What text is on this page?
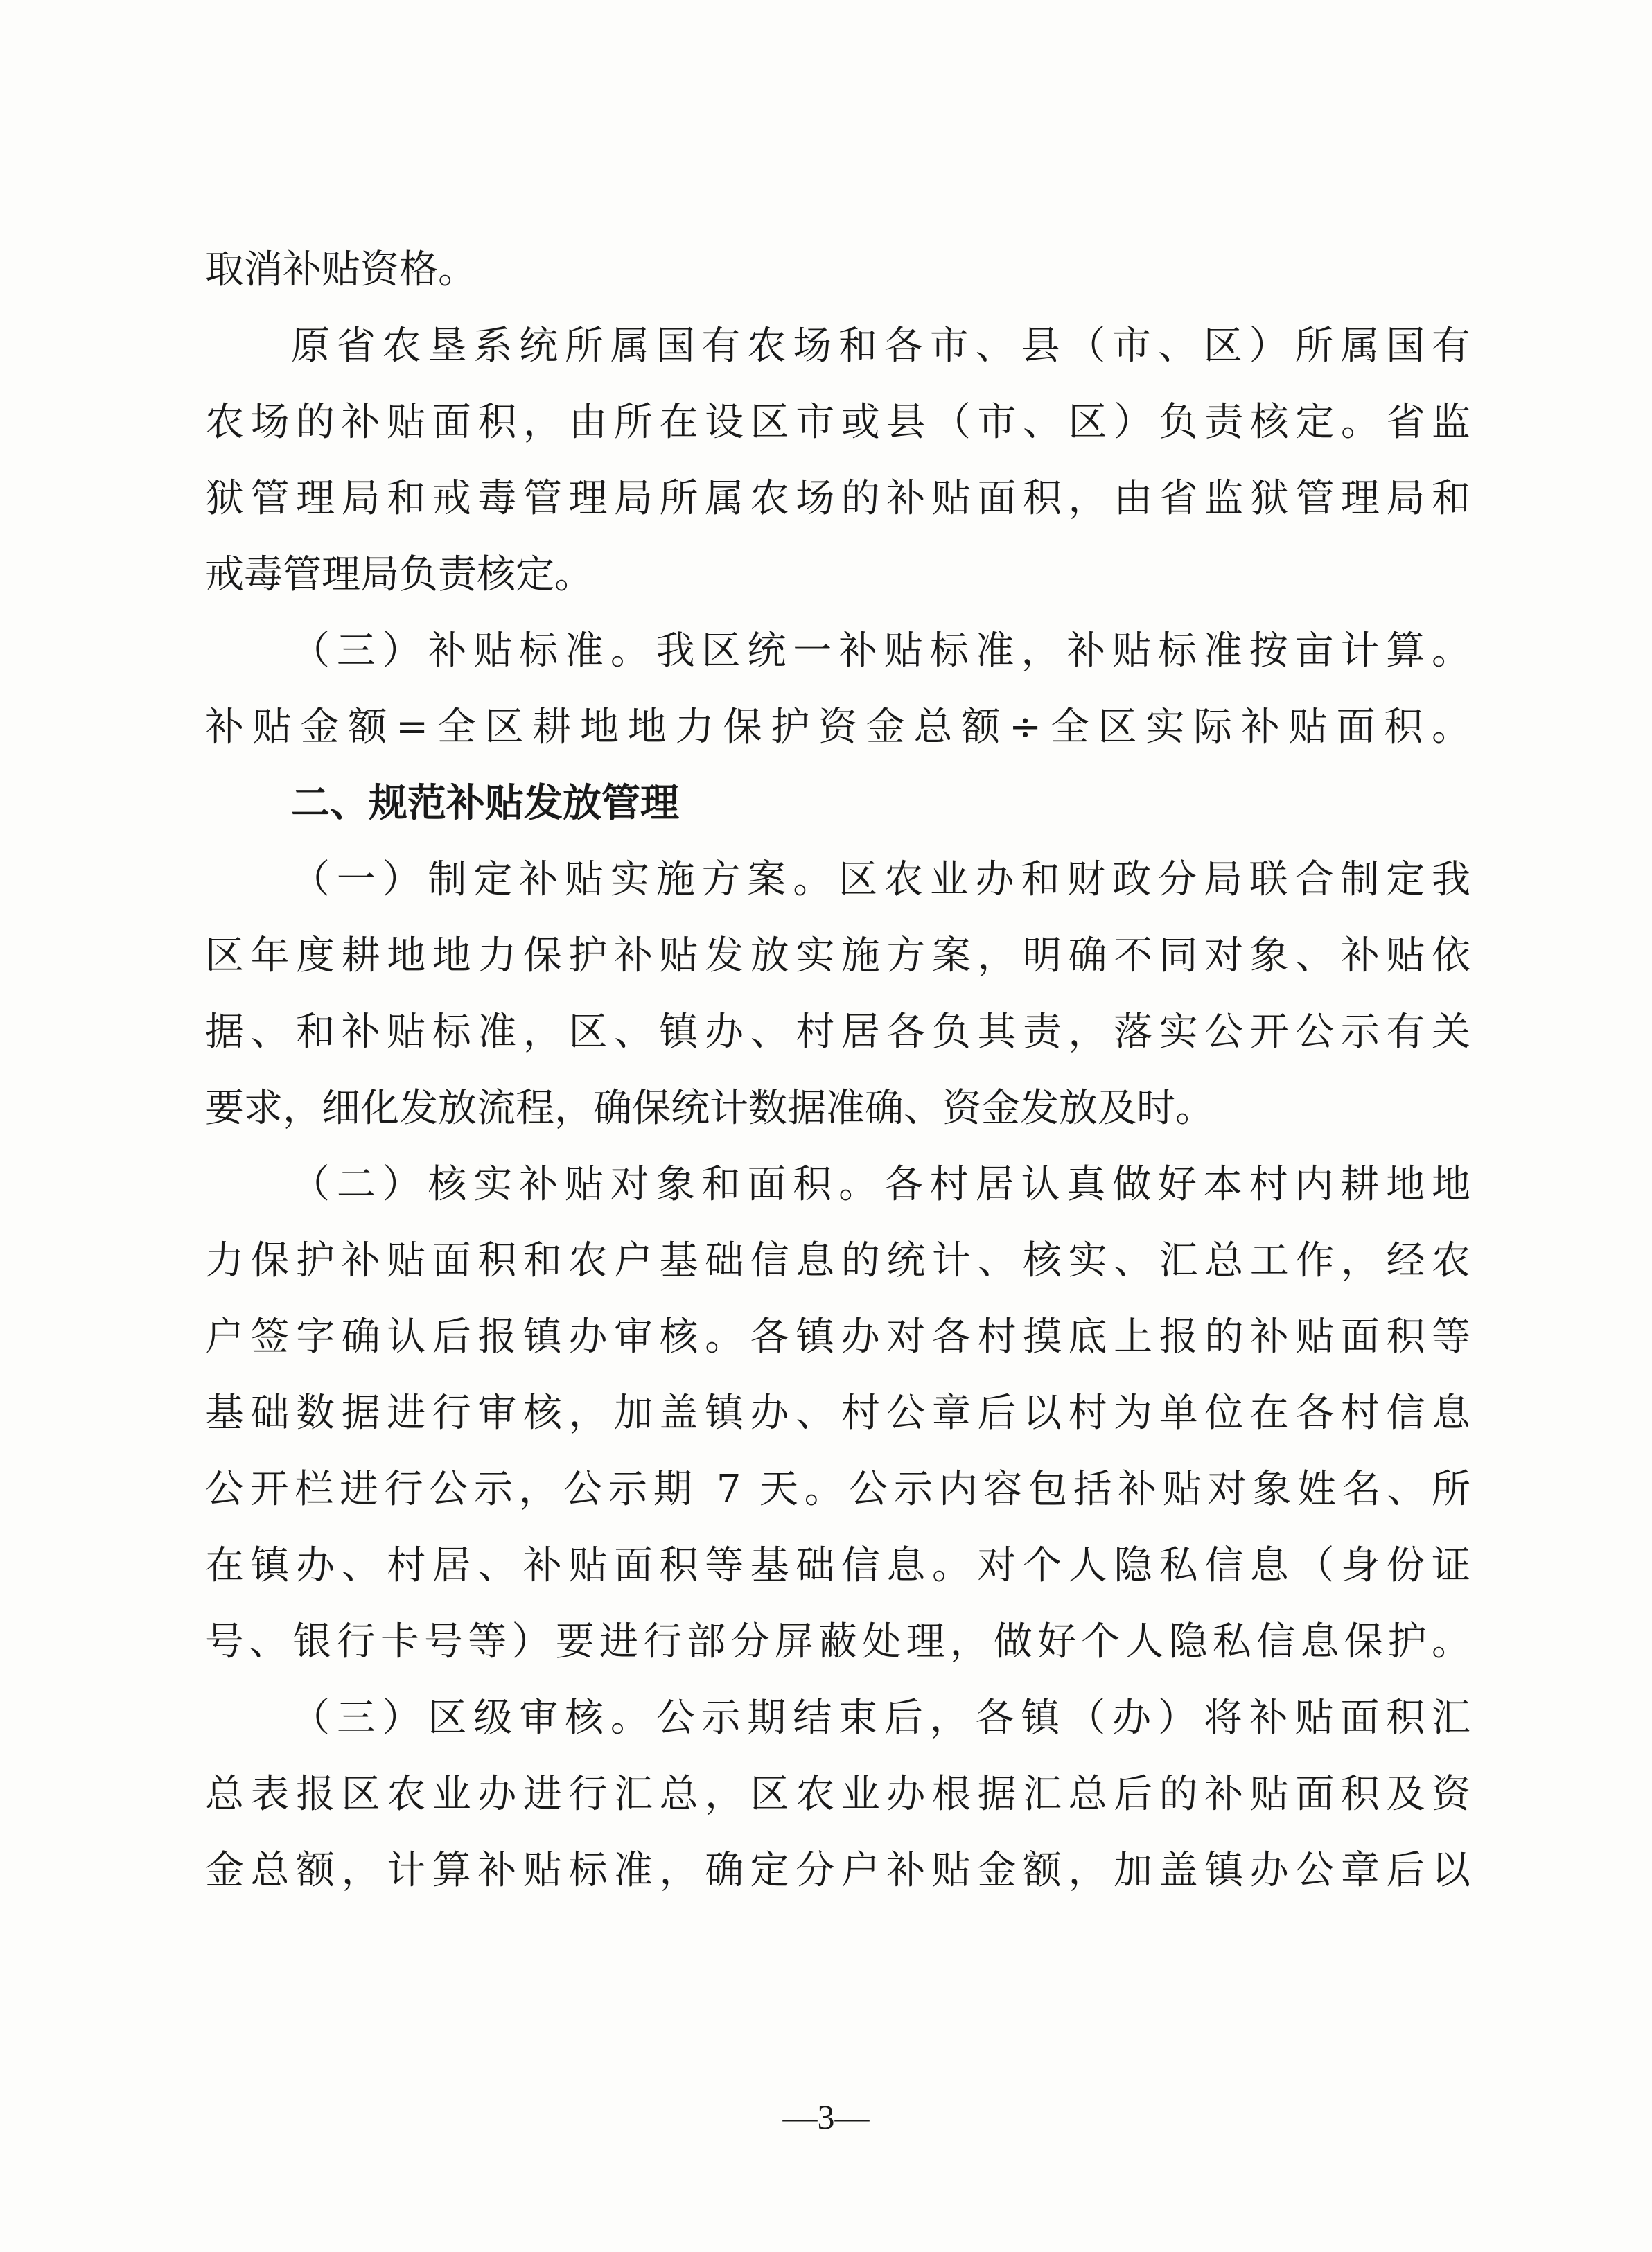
取消补贴资格。
原省农垦系统所属国有农场和各市、县（市、区）所属国有
农场的补贴面积，由所在设区市或县（市、区）负责核定。省监
狱管理局和戒毒管理局所属农场的补贴面积，由省监狱管理局和
戒毒管理局负责核定。
（三）补贴标准。我区统一补贴标准，补贴标准按亩计算。
补贴金额=全区耕地地力保护资金总额÷全区实际补贴面积。
二、规范补贴发放管理
（一）制定补贴实施方案。区农业办和财政分局联合制定我
区年度耕地地力保护补贴发放实施方案，明确不同对象、补贴依
据、和补贴标准，区、镇办、村居各负其责，落实公开公示有关
要求，细化发放流程，确保统计数据准确、资金发放及时。
（二）核实补贴对象和面积。各村居认真做好本村内耕地地
力保护补贴面积和农户基础信息的统计、核实、汇总工作，经农
户签字确认后报镇办审核。各镇办对各村摸底上报的补贴面积等
基础数据进行审核，加盖镇办、村公章后以村为单位在各村信息
公开栏进行公示，公示期 7 天。公示内容包括补贴对象姓名、所
在镇办、村居、补贴面积等基础信息。对个人隐私信息（身份证
号、银行卡号等）要进行部分屏蔽处理，做好个人隐私信息保护。
（三）区级审核。公示期结束后，各镇（办）将补贴面积汇
总表报区农业办进行汇总，区农业办根据汇总后的补贴面积及资
金总额，计算补贴标准，确定分户补贴金额，加盖镇办公章后以
—3—
